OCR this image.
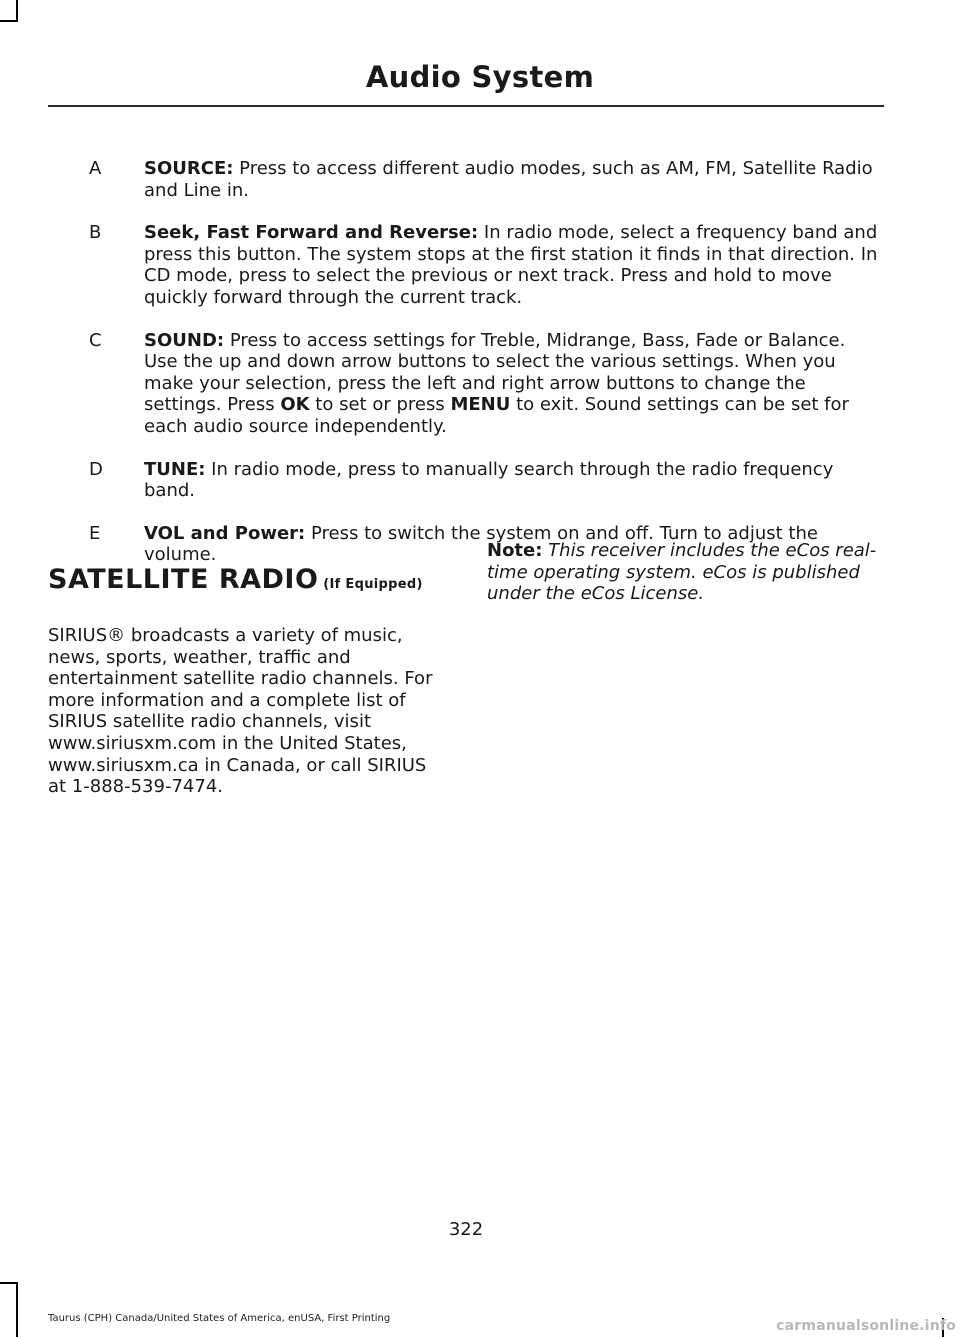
Audio System
A	SOURCE: Press to access different audio modes, such as AM, FM, Satellite Radio and Line in.
B	Seek, Fast Forward and Reverse: In radio mode, select a frequency band and press this button. The system stops at the first station it finds in that direction. In CD mode, press to select the previous or next track. Press and hold to move quickly forward through the current track.
C	SOUND: Press to access settings for Treble, Midrange, Bass, Fade or Balance. Use the up and down arrow buttons to select the various settings. When you make your selection, press the left and right arrow buttons to change the settings. Press OK to set or press MENU to exit. Sound settings can be set for each audio source independently.
D	TUNE: In radio mode, press to manually search through the radio frequency band.
E	VOL and Power: Press to switch the system on and off. Turn to adjust the volume.
SATELLITE RADIO (If Equipped)

SIRIUS® broadcasts a variety of music, news, sports, weather, traffic and entertainment satellite radio channels. For more information and a complete list of SIRIUS satellite radio channels, visit www.siriusxm.com in the United States, www.siriusxm.ca in Canada, or call SIRIUS at 1-888-539-7474.

Note: This receiver includes the eCos real-time operating system. eCos is published under the eCos License.
322
Taurus (CPH) Canada/United States of America, enUSA, First Printing	carmanualsonline.info
